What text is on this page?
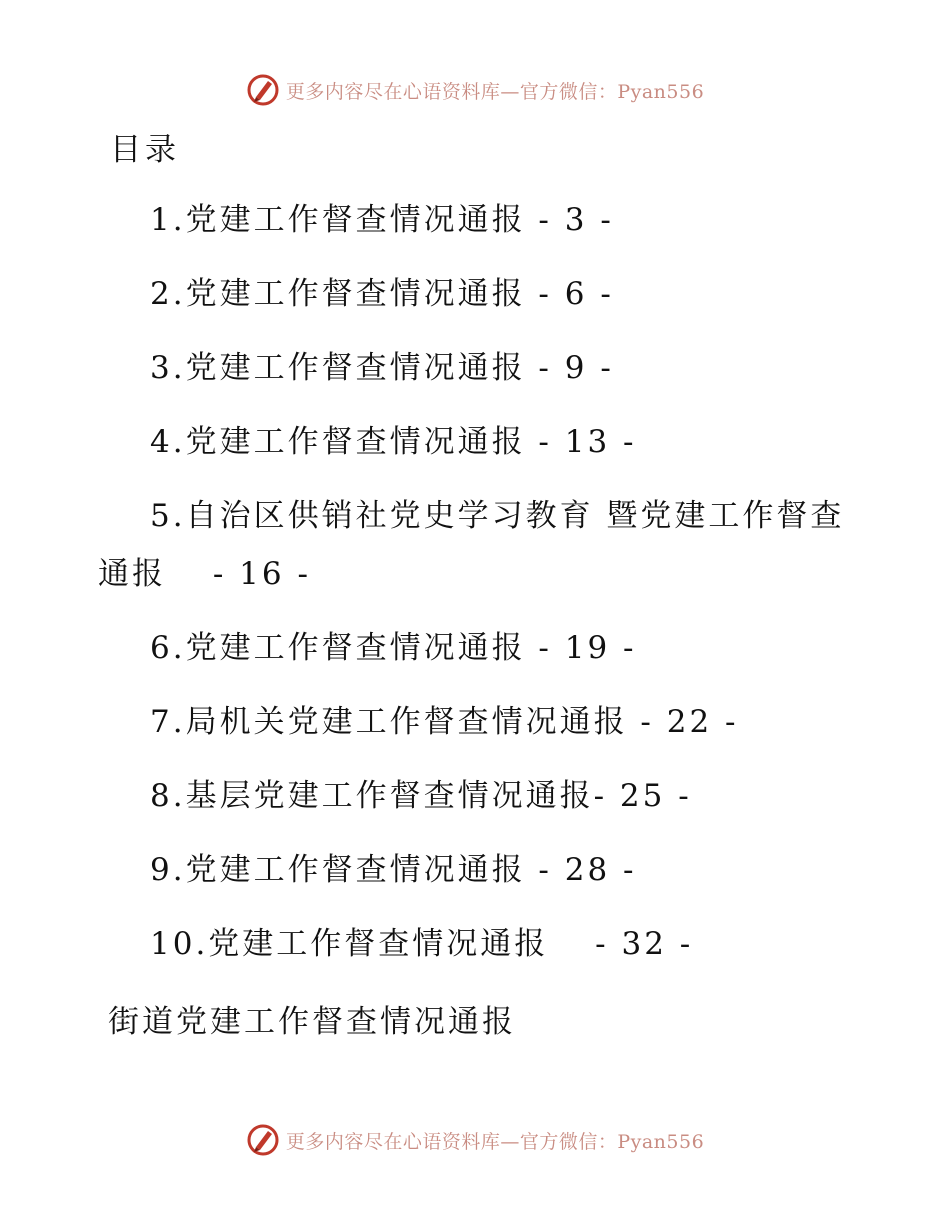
更多内容尽在心语资料库—官方微信：Pyan556
目录
1.党建工作督查情况通报 - 3 -
2.党建工作督查情况通报 - 6 -
3.党建工作督查情况通报 - 9 -
4.党建工作督查情况通报 - 13 -
5.自治区供销社党史学习教育 暨党建工作督查
通报　 - 16 -
6.党建工作督查情况通报 - 19 -
7.局机关党建工作督查情况通报 - 22 -
8.基层党建工作督查情况通报- 25 -
9.党建工作督查情况通报 - 28 -
10.党建工作督查情况通报　 - 32 -
街道党建工作督查情况通报
更多内容尽在心语资料库—官方微信：Pyan556
